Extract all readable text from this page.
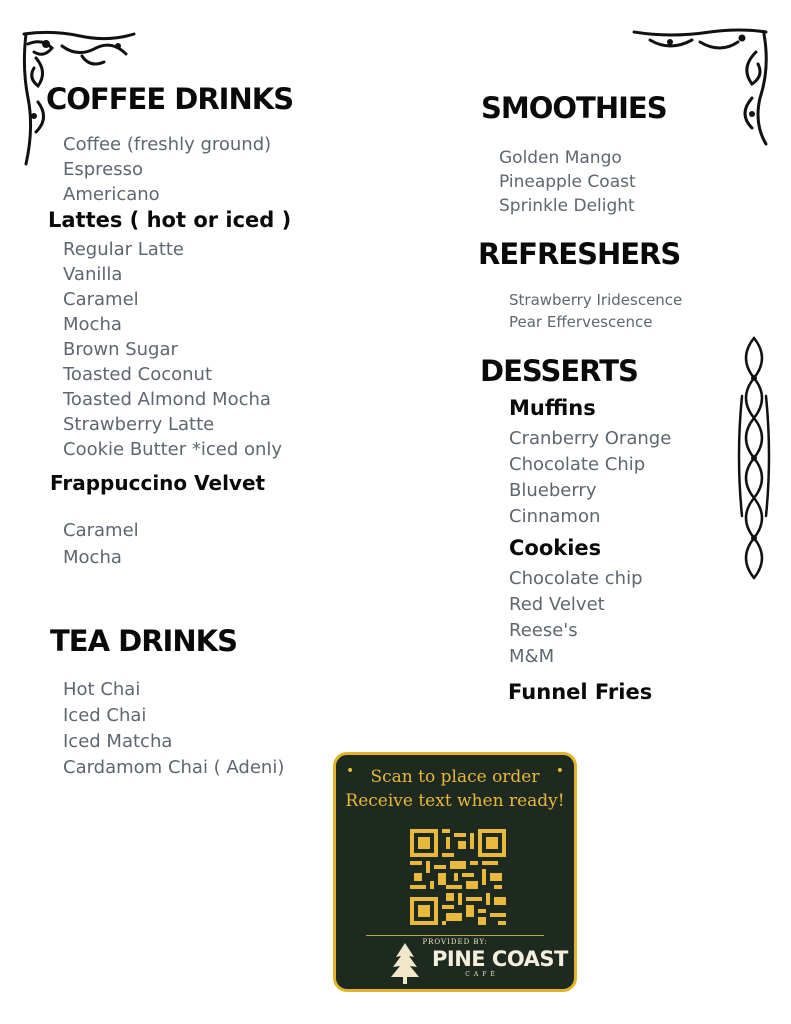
COFFEE DRINKS
Coffee (freshly ground)
Espresso
Americano
Lattes ( hot or iced )
Regular Latte
Vanilla
Caramel
Mocha
Brown Sugar
Toasted Coconut
Toasted Almond Mocha
Strawberry Latte
Cookie Butter *iced only
Frappuccino Velvet
Caramel
Mocha
TEA DRINKS
Hot Chai
Iced Chai
Iced Matcha
Cardamom Chai ( Adeni)
SMOOTHIES
Golden Mango
Pineapple Coast
Sprinkle Delight
REFRESHERS
Strawberry Iridescence
Pear Effervescence
DESSERTS
Muffins
Cranberry Orange
Chocolate Chip
Blueberry
Cinnamon
Cookies
Chocolate chip
Red Velvet
Reese's
M&M
Funnel Fries
•	•
Scan to place order
Receive text when ready!
PROVIDED BY:
PINE COAST
CAFÉ
